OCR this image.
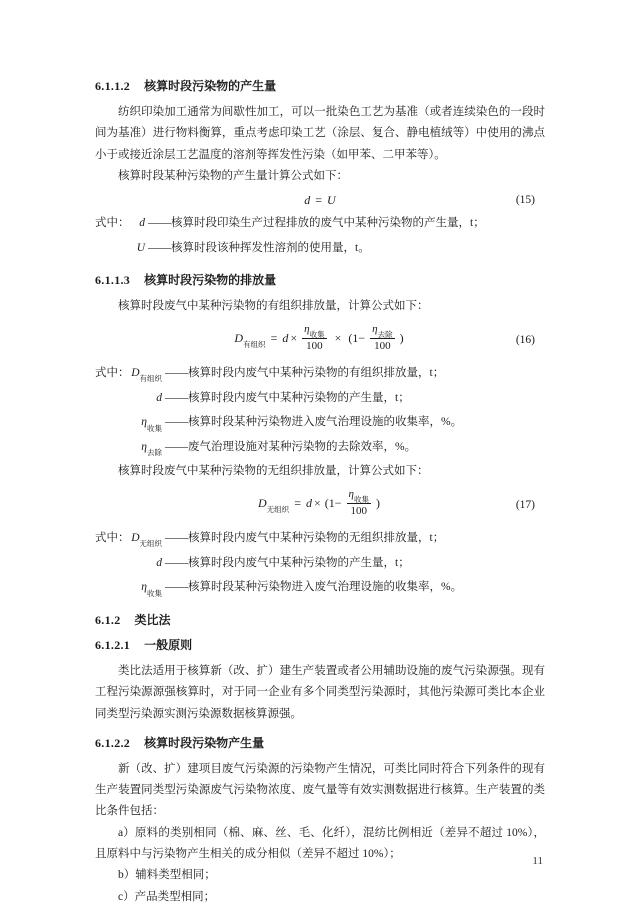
6.1.1.2 核算时段污染物的产生量

纺织印染加工通常为间歇性加工，可以一批染色工艺为基准（或者连续染色的一段时间为基准）进行物料衡算，重点考虑印染工艺（涂层、复合、静电植绒等）中使用的沸点小于或接近涂层工艺温度的溶剂等挥发性污染（如甲苯、二甲苯等）。

核算时段某种污染物的产生量计算公式如下：

d = U	(15)
式中： d ——核算时段印染生产过程排放的废气中某种污染物的产生量，t；
U ——核算时段该种挥发性溶剂的使用量，t。
6.1.1.3 核算时段污染物的排放量

核算时段废气中某种污染物的有组织排放量，计算公式如下：

$D_{有组织} = d \times \frac{\eta_{收集}}{100} \times (1- \frac{\eta_{去除}}{100}$ )	(16)
式中： $D_{有组织}$ ——核算时段内废气中某种污染物的有组织排放量，t；
d ——核算时段内废气中某种污染物的产生量，t；
$\eta_{收集}$ ——核算时段某种污染物进入废气治理设施的收集率，%。
$\eta_{去除}$ ——废气治理设施对某种污染物的去除效率，%。

核算时段废气中某种污染物的无组织排放量，计算公式如下：

$D_{无组织} = d \times (1- \frac{\eta_{收集}}{100}$ )	(17)
式中： $D_{无组织}$ ——核算时段内废气中某种污染物的无组织排放量，t；
d ——核算时段内废气中某种污染物的产生量，t；
$\eta_{收集}$ ——核算时段某种污染物进入废气治理设施的收集率，%。
6.1.2 类比法
6.1.2.1 一般原则

类比法适用于核算新（改、扩）建生产装置或者公用辅助设施的废气污染源强。现有工程污染源源强核算时，对于同一企业有多个同类型污染源时，其他污染源可类比本企业同类型污染源实测污染源数据核算源强。

6.1.2.2 核算时段污染物产生量

新（改、扩）建项目废气污染源的污染物产生情况，可类比同时符合下列条件的现有生产装置同类型污染源废气污染物浓度、废气量等有效实测数据进行核算。生产装置的类比条件包括：

a）原料的类别相同（棉、麻、丝、毛、化纤），混纺比例相近（差异不超过 10%），且原料中与污染物产生相关的成分相似（差异不超过 10%）；

b）辅料类型相同；

c）产品类型相同；

11
